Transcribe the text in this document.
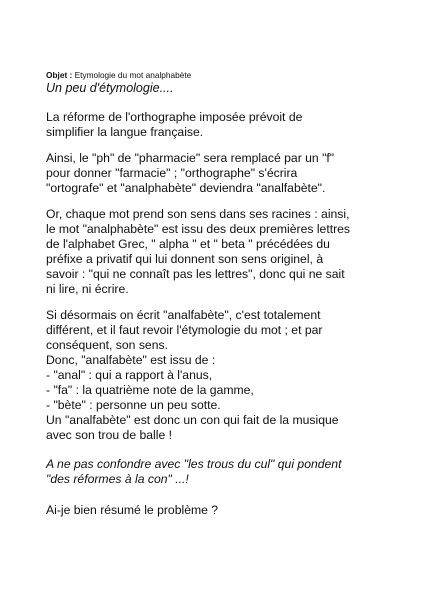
Objet : Etymologie du mot analphabète

Un peu d'étymologie....

La réforme de l'orthographe imposée prévoit de
simplifier la langue française.

Ainsi, le "ph" de "pharmacie" sera remplacé par un "f"
pour donner "farmacie" ; "orthographe" s'écrira
"ortografe" et "analphabète" deviendra "analfabète".

Or, chaque mot prend son sens dans ses racines : ainsi,
le mot "analphabète" est issu des deux premières lettres
de l'alphabet Grec, " alpha " et " beta " précédées du
préfixe a privatif qui lui donnent son sens originel, à
savoir : "qui ne connaît pas les lettres", donc qui ne sait
ni lire, ni écrire.

Si désormais on écrit "analfabète", c'est totalement
différent, et il faut revoir l'étymologie du mot ; et par
conséquent, son sens.
Donc, "analfabète" est issu de :

- "anal" : qui a rapport à l'anus,
- "fa" : la quatrième note de la gamme,
- "bète" : personne un peu sotte.

Un "analfabète" est donc un con qui fait de la musique
avec son trou de balle !

A ne pas confondre avec "les trous du cul" qui pondent
"des réformes à la con" ...!

Ai-je bien résumé le problème ?
